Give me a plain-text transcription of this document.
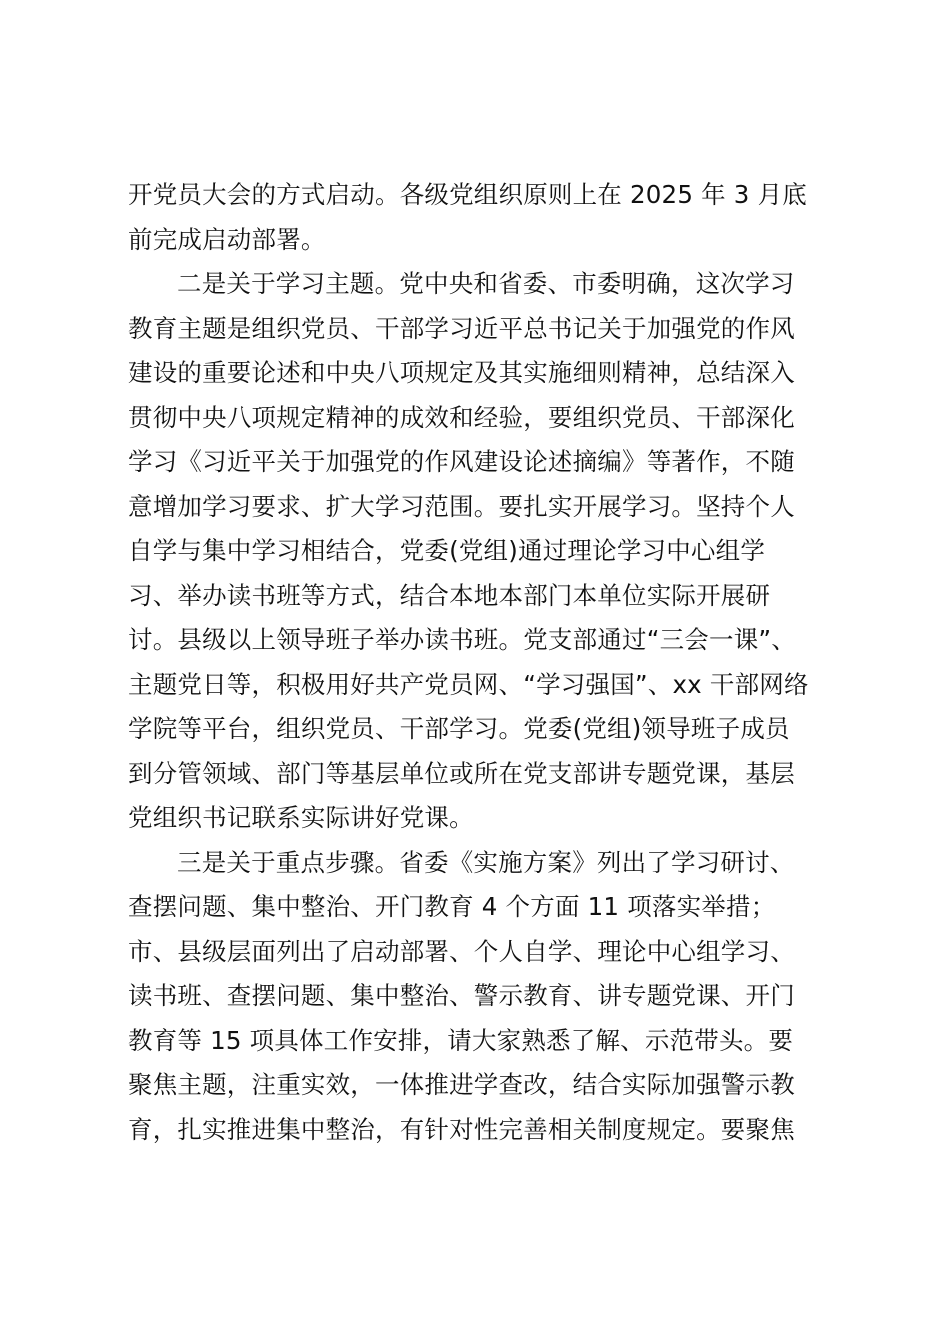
开党员大会的方式启动。各级党组织原则上在 2025 年 3 月底
前完成启动部署。
二是关于学习主题。党中央和省委、市委明确，这次学习
教育主题是组织党员、干部学习近平总书记关于加强党的作风
建设的重要论述和中央八项规定及其实施细则精神，总结深入
贯彻中央八项规定精神的成效和经验，要组织党员、干部深化
学习《习近平关于加强党的作风建设论述摘编》等著作，不随
意增加学习要求、扩大学习范围。要扎实开展学习。坚持个人
自学与集中学习相结合，党委(党组)通过理论学习中心组学
习、举办读书班等方式，结合本地本部门本单位实际开展研
讨。县级以上领导班子举办读书班。党支部通过“三会一课”、
主题党日等，积极用好共产党员网、“学习强国”、xx 干部网络
学院等平台，组织党员、干部学习。党委(党组)领导班子成员
到分管领域、部门等基层单位或所在党支部讲专题党课，基层
党组织书记联系实际讲好党课。
三是关于重点步骤。省委《实施方案》列出了学习研讨、
查摆问题、集中整治、开门教育 4 个方面 11 项落实举措；
市、县级层面列出了启动部署、个人自学、理论中心组学习、
读书班、查摆问题、集中整治、警示教育、讲专题党课、开门
教育等 15 项具体工作安排，请大家熟悉了解、示范带头。要
聚焦主题，注重实效，一体推进学查改，结合实际加强警示教
育，扎实推进集中整治，有针对性完善相关制度规定。要聚焦
